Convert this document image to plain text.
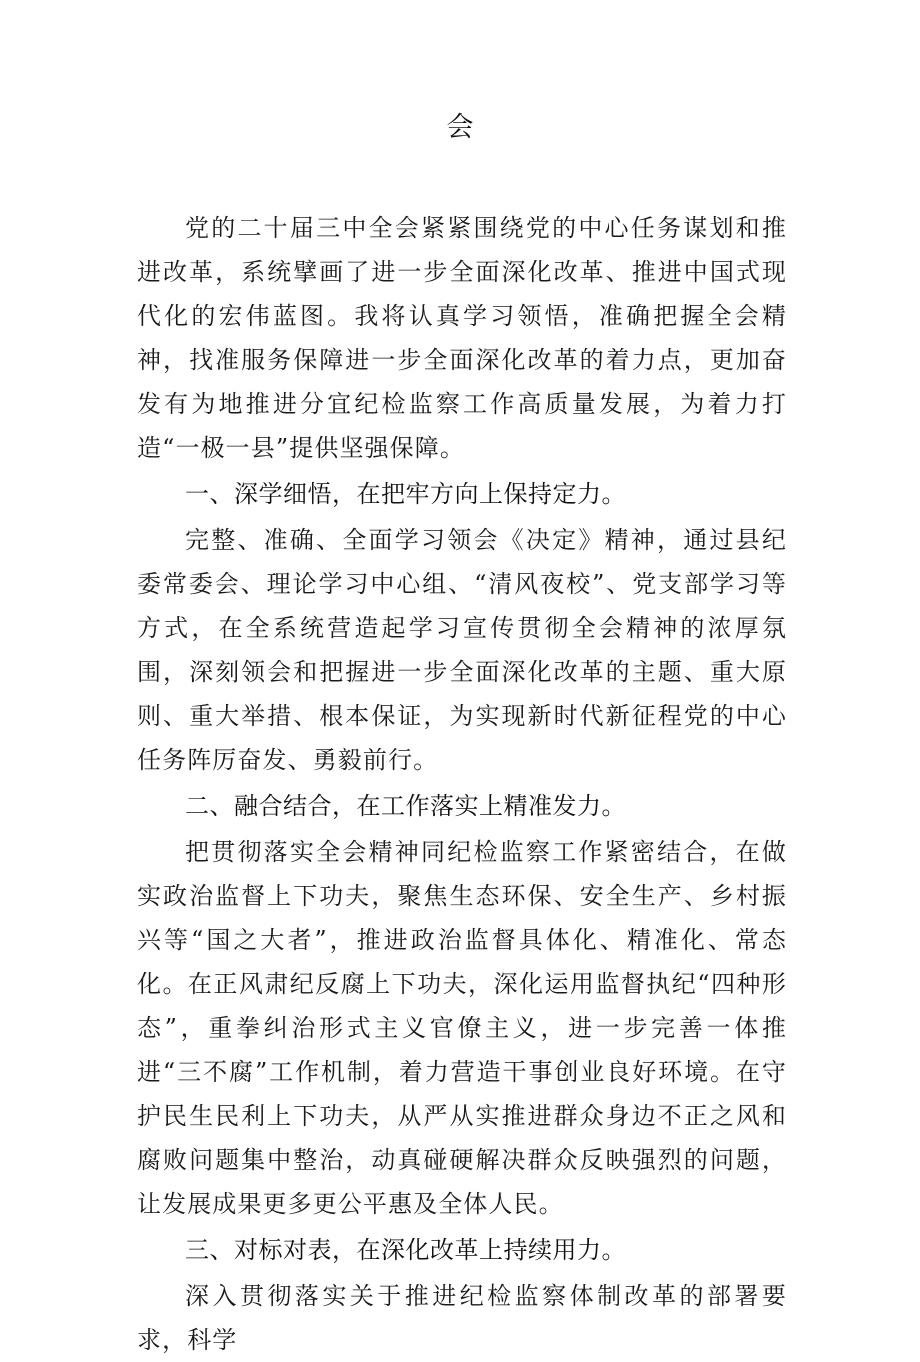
会

党的二十届三中全会紧紧围绕党的中心任务谋划和推进改革，系统擘画了进一步全面深化改革、推进中国式现代化的宏伟蓝图。我将认真学习领悟，准确把握全会精神，找准服务保障进一步全面深化改革的着力点，更加奋发有为地推进分宜纪检监察工作高质量发展，为着力打造“一极一县”提供坚强保障。

一、深学细悟，在把牢方向上保持定力。

完整、准确、全面学习领会《决定》精神，通过县纪委常委会、理论学习中心组、“清风夜校”、党支部学习等方式，在全系统营造起学习宣传贯彻全会精神的浓厚氛围，深刻领会和把握进一步全面深化改革的主题、重大原则、重大举措、根本保证，为实现新时代新征程党的中心任务阵厉奋发、勇毅前行。

二、融合结合，在工作落实上精准发力。

把贯彻落实全会精神同纪检监察工作紧密结合，在做实政治监督上下功夫，聚焦生态环保、安全生产、乡村振兴等“国之大者”，推进政治监督具体化、精准化、常态化。在正风肃纪反腐上下功夫，深化运用监督执纪“四种形态”，重拳纠治形式主义官僚主义，进一步完善一体推进“三不腐”工作机制，着力营造干事创业良好环境。在守护民生民利上下功夫，从严从实推进群众身边不正之风和腐败问题集中整治，动真碰硬解决群众反映强烈的问题，让发展成果更多更公平惠及全体人民。

三、对标对表，在深化改革上持续用力。

深入贯彻落实关于推进纪检监察体制改革的部署要求，科学
